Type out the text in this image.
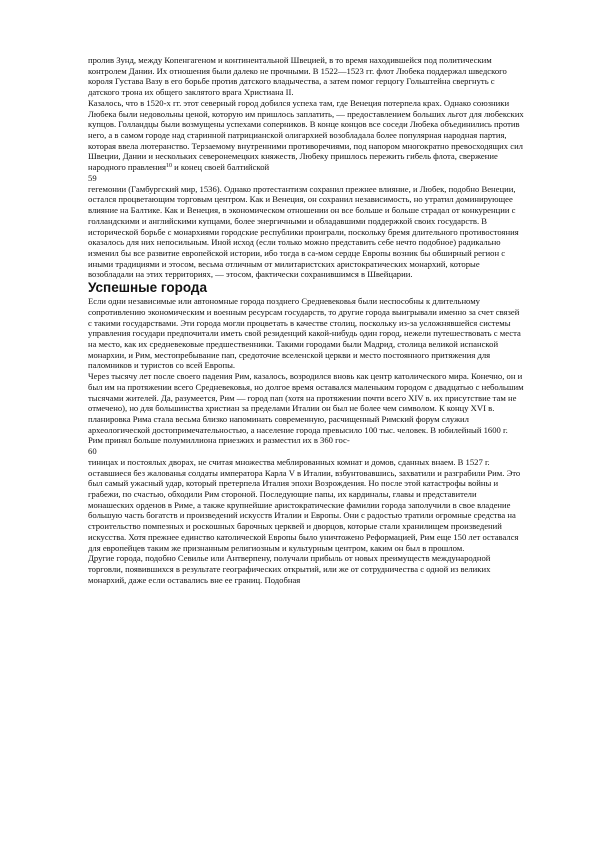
пролив Зунд, между Копенгагеном и континентальной Швецией, в то время находившейся под политическим контролем Дании. Их отношения были далеко не прочными. В 1522—1523 гг. флот Любека поддержал шведского короля Густава Вазу в его борьбе против датского владычества, а затем помог герцогу Гольштейна свергнуть с датского трона их общего заклятого врага Христиана II.

Казалось, что в 1520-х гг. этот северный город добился успеха там, где Венеция потерпела крах. Однако союзники Любека были недовольны ценой, которую им пришлось заплатить, — предоставлением больших льгот для любекских купцов. Голландцы были возмущены успехами соперников. В конце концов все соседи Любека объединились против него, а в самом городе над старинной патрицианской олигархией возобладала более популярная народная партия, которая ввела лютеранство. Терзаемому внутренними противоречиями, под напором многократно превосходящих сил Швеции, Дании и нескольких северонемецких княжеств, Любеку пришлось пережить гибель флота, свержение народного правления$^{10}$ и конец своей балтийской

59

гегемонии (Гамбургский мир, 1536). Однако протестантизм сохранил прежнее влияние, и Любек, подобно Венеции, остался процветающим торговым центром. Как и Венеция, он сохранил независимость, но утратил доминирующее влияние на Балтике. Как и Венеция, в экономическом отношении он все больше и больше страдал от конкуренции с голландскими и английскими купцами, более энергичными и обладавшими поддержкой своих государств. В исторической борьбе с монархиями городские республики проиграли, поскольку бремя длительного противостояния оказалось для них непосильным. Иной исход (если только можно представить себе нечто подобное) радикально изменил бы все развитие европейской истории, ибо тогда в са-мом сердце Европы возник бы обширный регион с иными традициями и этосом, весьма отличным от милитаристских аристократических монархий, которые возобладали на этих территориях, — этосом, фактически сохранившимся в Швейцарии.

Успешные города

Если одни независимые или автономные города позднего Средневековья были неспособны к длительному сопротивлению экономическим и военным ресурсам государств, то другие города выигрывали именно за счет связей с такими государствами. Эти города могли процветать в качестве столиц, поскольку из-за усложнявшейся системы управления государи предпочитали иметь свой резиденций какой-нибудь один город, нежели путешествовать с места на место, как их средневековые предшественники. Такими городами были Мадрид, столица великой испанской монархии, и Рим, местопребывание пап, средоточие вселенской церкви и место постоянного притяжения для паломников и туристов со всей Европы.

Через тысячу лет после своего падения Рим, казалось, возродился вновь как центр католического мира. Конечно, он и был им на протяжении всего Средневековья, но долгое время оставался маленьким городом с двадцатью с небольшим тысячами жителей. Да, разумеется, Рим — город пап (хотя на протяжении почти всего XIV в. их присутствие там не отмечено), но для большинства христиан за пределами Италии он был не более чем символом. К концу XVI в. планировка Рима стала весьма близко напоминать современную, расчищенный Римский форум служил археологической достопримечательностью, а население города превысило 100 тыс. человек. В юбилейный 1600 г. Рим принял больше полумиллиона приезжих и разместил их в 360 гос-

60

тиницах и постоялых дворах, не считая множества меблированных комнат и домов, сданных внаем. В 1527 г. оставшиеся без жалованья солдаты императора Карла V в Италии, взбунтовавшись, захватили и разграбили Рим. Это был самый ужасный удар, который претерпела Италия эпохи Возрождения. Но после этой катастрофы войны и грабежи, по счастью, обходили Рим стороной. Последующие папы, их кардиналы, главы и представители монашеских орденов в Риме, а также крупнейшие аристократические фамилии города заполучили в свое владение большую часть богатств и произведений искусств Италии и Европы. Они с радостью тратили огромные средства на строительство помпезных и роскошных барочных церквей и дворцов, которые стали хранилищем произведений искусства. Хотя прежнее единство католической Европы было уничтожено Реформацией, Рим еще 150 лет оставался для европейцев таким же признанным религиозным и культурным центром, каким он был в прошлом.

Другие города, подобно Севилье или Антверпену, получали прибыль от новых преимуществ международной торговли, появившихся в результате географических открытий, или же от сотрудничества с одной из великих монархий, даже если оставались вне ее границ. Подобная
